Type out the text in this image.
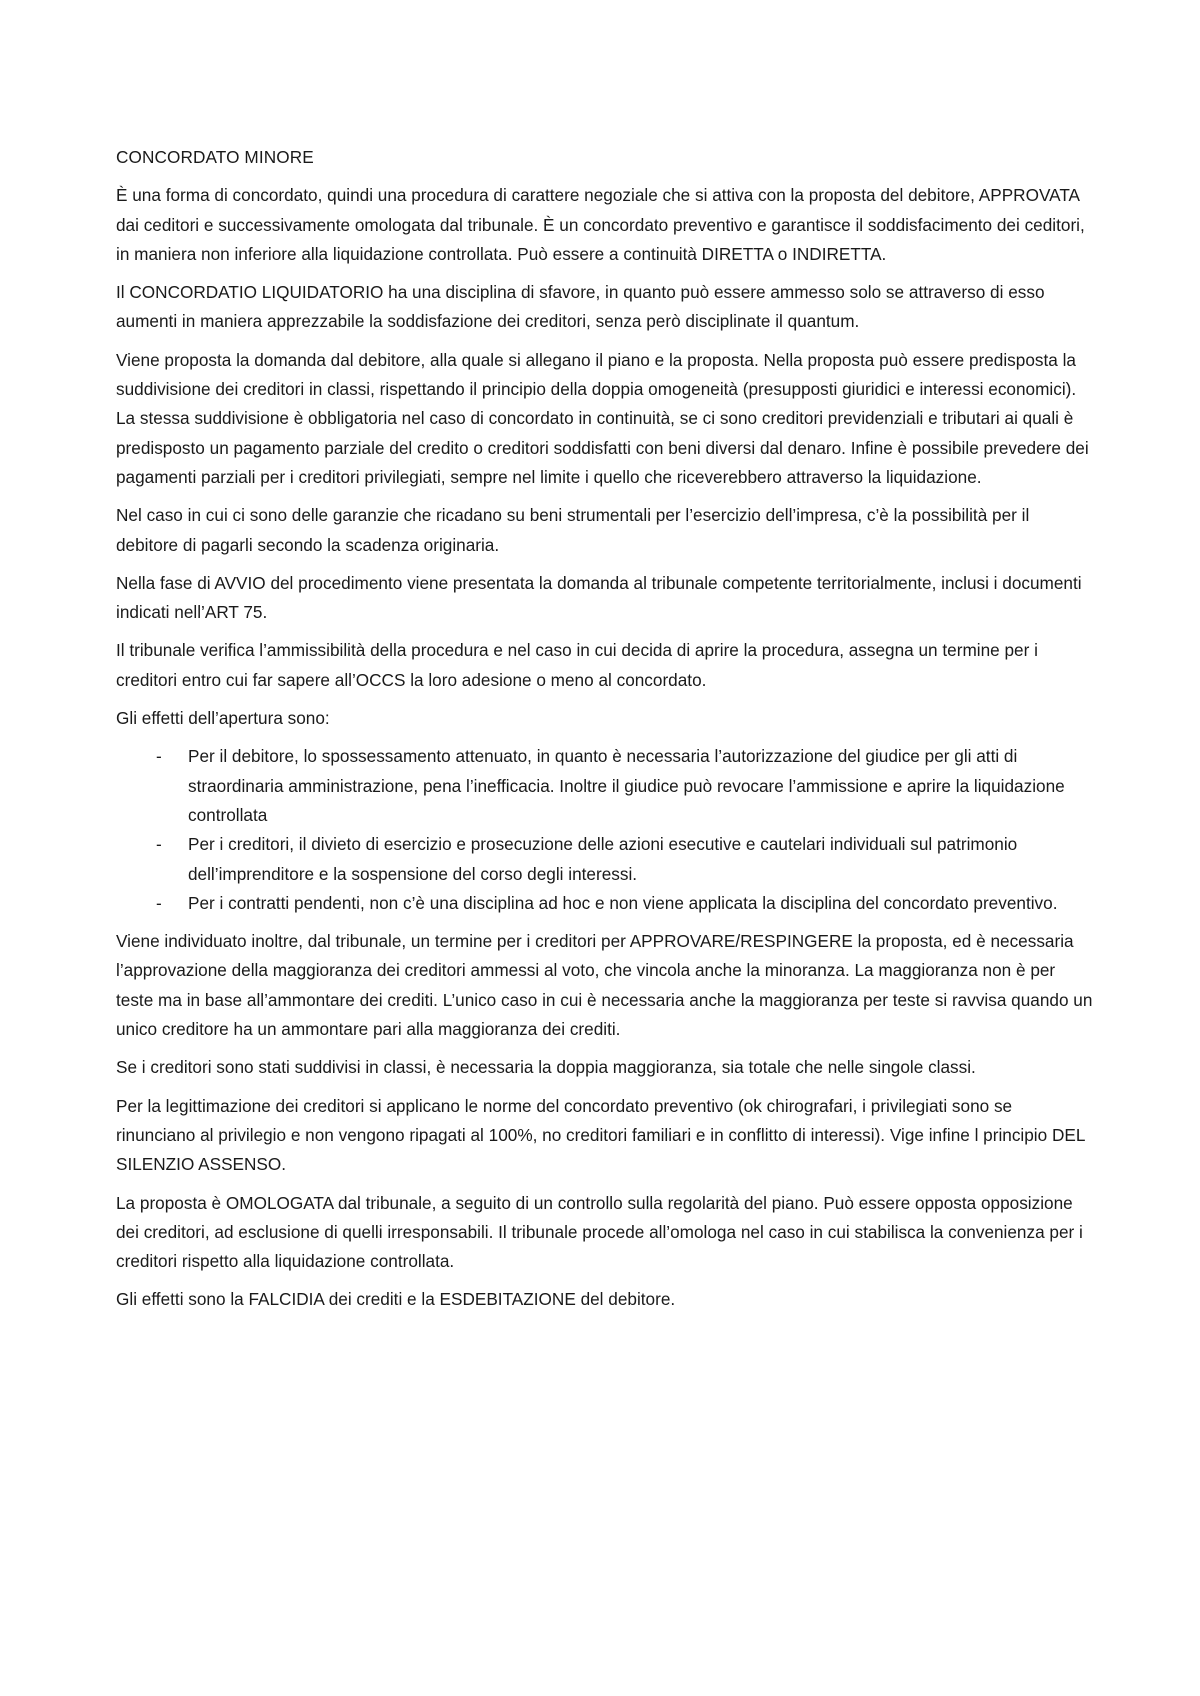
CONCORDATO MINORE

È una forma di concordato, quindi una procedura di carattere negoziale che si attiva con la proposta del debitore, APPROVATA dai ceditori e successivamente omologata dal tribunale. È un concordato preventivo e garantisce il soddisfacimento dei ceditori, in maniera non inferiore alla liquidazione controllata. Può essere a continuità DIRETTA o INDIRETTA.

Il CONCORDATIO LIQUIDATORIO ha una disciplina di sfavore, in quanto può essere ammesso solo se attraverso di esso aumenti in maniera apprezzabile la soddisfazione dei creditori, senza però disciplinate il quantum.

Viene proposta la domanda dal debitore, alla quale si allegano il piano e la proposta. Nella proposta può essere predisposta la suddivisione dei creditori in classi, rispettando il principio della doppia omogeneità (presupposti giuridici e interessi economici). La stessa suddivisione è obbligatoria nel caso di concordato in continuità, se ci sono creditori previdenziali e tributari ai quali è predisposto un pagamento parziale del credito o creditori soddisfatti con beni diversi dal denaro. Infine è possibile prevedere dei pagamenti parziali per i creditori privilegiati, sempre nel limite i quello che riceverebbero attraverso la liquidazione.

Nel caso in cui ci sono delle garanzie che ricadano su beni strumentali per l’esercizio dell’impresa, c’è la possibilità per il debitore di pagarli secondo la scadenza originaria.

Nella fase di AVVIO del procedimento viene presentata la domanda al tribunale competente territorialmente, inclusi i documenti indicati nell’ART 75.

Il tribunale verifica l’ammissibilità della procedura e nel caso in cui decida di aprire la procedura, assegna un termine per i creditori entro cui far sapere all’OCCS la loro adesione o meno al concordato.

Gli effetti dell’apertura sono:

- Per il debitore, lo spossessamento attenuato, in quanto è necessaria l’autorizzazione del giudice per gli atti di straordinaria amministrazione, pena l’inefficacia. Inoltre il giudice può revocare l’ammissione e aprire la liquidazione controllata
- Per i creditori, il divieto di esercizio e prosecuzione delle azioni esecutive e cautelari individuali sul patrimonio dell’imprenditore e la sospensione del corso degli interessi.
- Per i contratti pendenti, non c’è una disciplina ad hoc e non viene applicata la disciplina del concordato preventivo.

Viene individuato inoltre, dal tribunale, un termine per i creditori per APPROVARE/RESPINGERE la proposta, ed è necessaria l’approvazione della maggioranza dei creditori ammessi al voto, che vincola anche la minoranza. La maggioranza non è per teste ma in base all’ammontare dei crediti. L’unico caso in cui è necessaria anche la maggioranza per teste si ravvisa quando un unico creditore ha un ammontare pari alla maggioranza dei crediti.

Se i creditori sono stati suddivisi in classi, è necessaria la doppia maggioranza, sia totale che nelle singole classi.

Per la legittimazione dei creditori si applicano le norme del concordato preventivo (ok chirografari, i privilegiati sono se rinunciano al privilegio e non vengono ripagati al 100%, no creditori familiari e in conflitto di interessi). Vige infine l principio DEL SILENZIO ASSENSO.

La proposta è OMOLOGATA dal tribunale, a seguito di un controllo sulla regolarità del piano. Può essere opposta opposizione dei creditori, ad esclusione di quelli irresponsabili. Il tribunale procede all’omologa nel caso in cui stabilisca la convenienza per i creditori rispetto alla liquidazione controllata.

Gli effetti sono la FALCIDIA dei crediti e la ESDEBITAZIONE del debitore.
